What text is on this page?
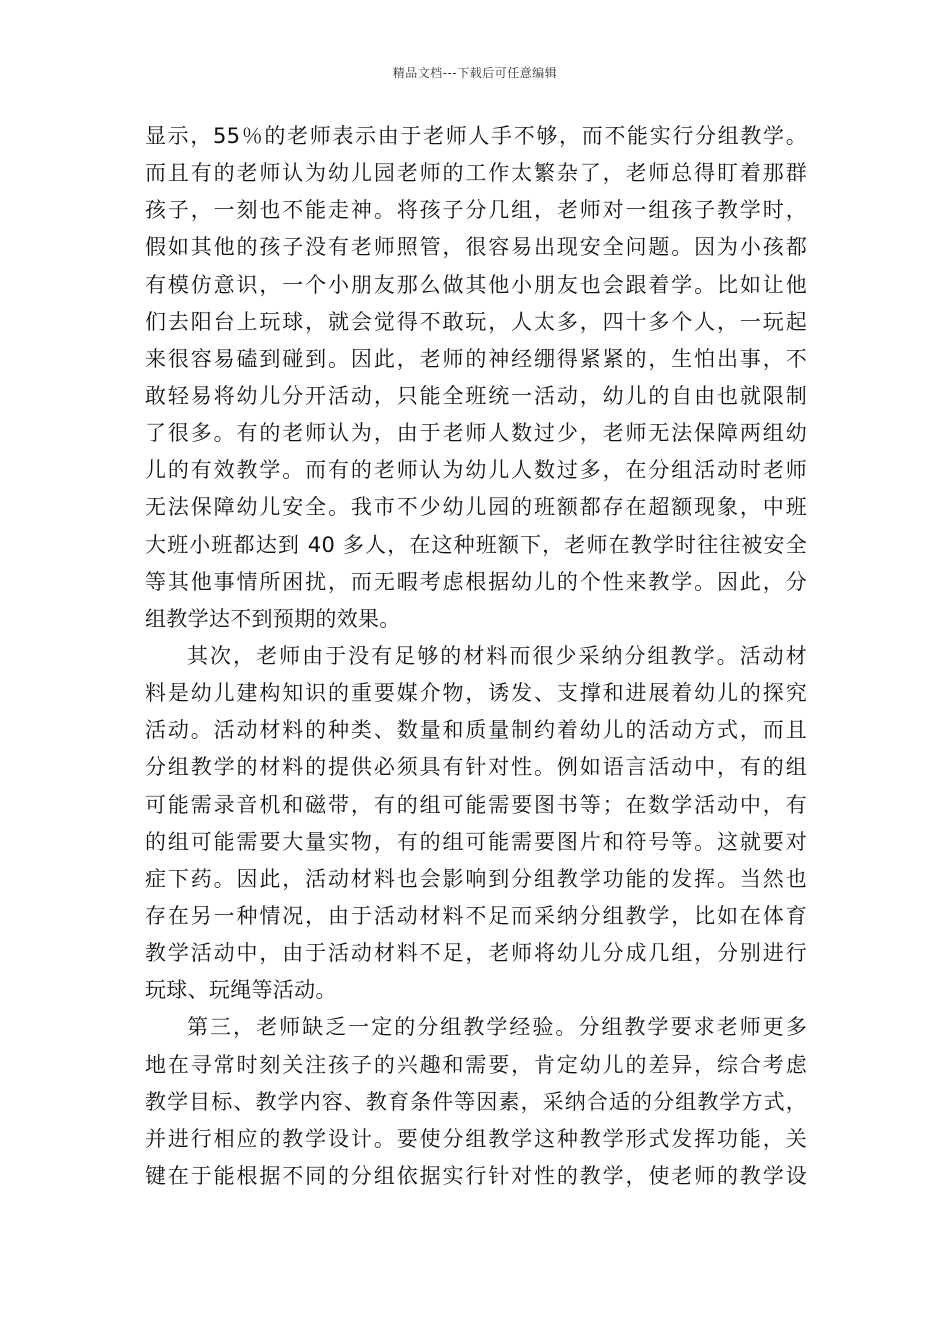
精品文档---下载后可任意编辑
显示，55％的老师表示由于老师人手不够，而不能实行分组教学。
而且有的老师认为幼儿园老师的工作太繁杂了，老师总得盯着那群
孩子，一刻也不能走神。将孩子分几组，老师对一组孩子教学时，
假如其他的孩子没有老师照管，很容易出现安全问题。因为小孩都
有模仿意识，一个小朋友那么做其他小朋友也会跟着学。比如让他
们去阳台上玩球，就会觉得不敢玩，人太多，四十多个人，一玩起
来很容易磕到碰到。因此，老师的神经绷得紧紧的，生怕出事，不
敢轻易将幼儿分开活动，只能全班统一活动，幼儿的自由也就限制
了很多。有的老师认为，由于老师人数过少，老师无法保障两组幼
儿的有效教学。而有的老师认为幼儿人数过多，在分组活动时老师
无法保障幼儿安全。我市不少幼儿园的班额都存在超额现象，中班
大班小班都达到 40 多人，在这种班额下，老师在教学时往往被安全
等其他事情所困扰，而无暇考虑根据幼儿的个性来教学。因此，分
组教学达不到预期的效果。
其次，老师由于没有足够的材料而很少采纳分组教学。活动材
料是幼儿建构知识的重要媒介物，诱发、支撑和进展着幼儿的探究
活动。活动材料的种类、数量和质量制约着幼儿的活动方式，而且
分组教学的材料的提供必须具有针对性。例如语言活动中，有的组
可能需录音机和磁带，有的组可能需要图书等；在数学活动中，有
的组可能需要大量实物，有的组可能需要图片和符号等。这就要对
症下药。因此，活动材料也会影响到分组教学功能的发挥。当然也
存在另一种情况，由于活动材料不足而采纳分组教学，比如在体育
教学活动中，由于活动材料不足，老师将幼儿分成几组，分别进行
玩球、玩绳等活动。
第三，老师缺乏一定的分组教学经验。分组教学要求老师更多
地在寻常时刻关注孩子的兴趣和需要，肯定幼儿的差异，综合考虑
教学目标、教学内容、教育条件等因素，采纳合适的分组教学方式，
并进行相应的教学设计。要使分组教学这种教学形式发挥功能，关
键在于能根据不同的分组依据实行针对性的教学，使老师的教学设
